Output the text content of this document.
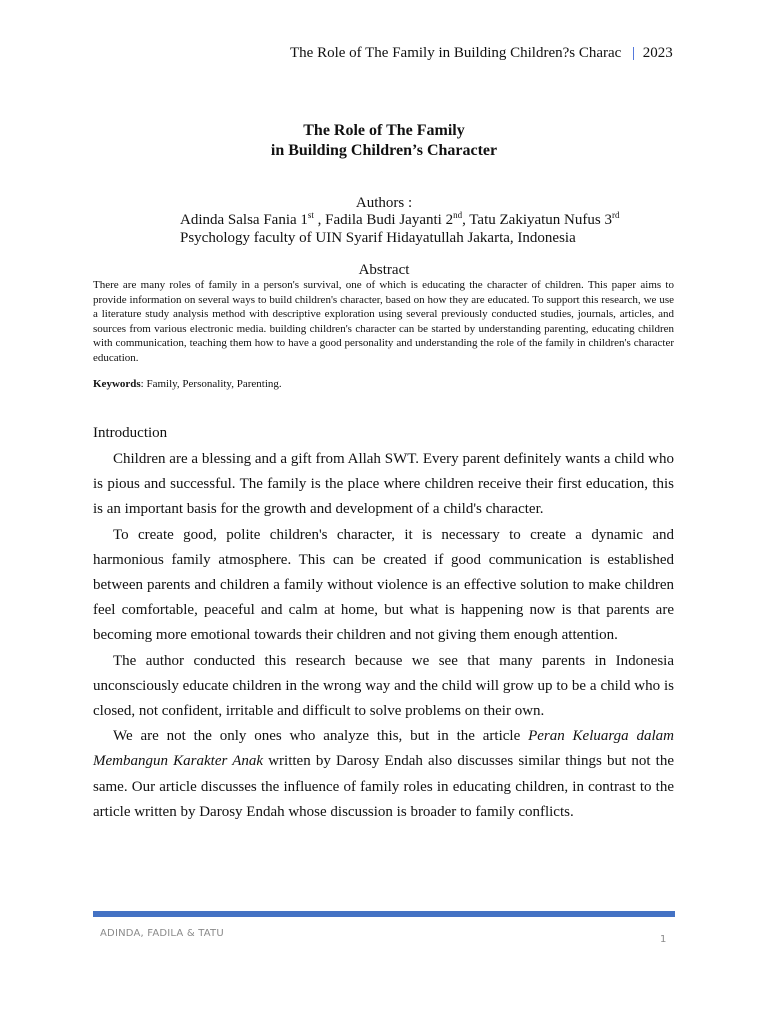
The Role of The Family in Building Children?s Charac | 2023
The Role of The Family
in Building Children’s Character
Authors :
Adinda Salsa Fania 1st , Fadila Budi Jayanti 2nd, Tatu Zakiyatun Nufus 3rd
Psychology faculty of UIN Syarif Hidayatullah Jakarta, Indonesia
Abstract

There are many roles of family in a person's survival, one of which is educating the character of children. This paper aims to provide information on several ways to build children's character, based on how they are educated. To support this research, we use a literature study analysis method with descriptive exploration using several previously conducted studies, journals, articles, and sources from various electronic media. building children's character can be started by understanding parenting, educating children with communication, teaching them how to have a good personality and understanding the role of the family in children's character education.

Keywords: Family, Personality, Parenting.
Introduction

Children are a blessing and a gift from Allah SWT. Every parent definitely wants a child who is pious and successful. The family is the place where children receive their first education, this is an important basis for the growth and development of a child's character.

To create good, polite children's character, it is necessary to create a dynamic and harmonious family atmosphere. This can be created if good communication is established between parents and children a family without violence is an effective solution to make children feel comfortable, peaceful and calm at home, but what is happening now is that parents are becoming more emotional towards their children and not giving them enough attention.

The author conducted this research because we see that many parents in Indonesia unconsciously educate children in the wrong way and the child will grow up to be a child who is closed, not confident, irritable and difficult to solve problems on their own.

We are not the only ones who analyze this, but in the article Peran Keluarga dalam Membangun Karakter Anak written by Darosy Endah also discusses similar things but not the same. Our article discusses the influence of family roles in educating children, in contrast to the article written by Darosy Endah whose discussion is broader to family conflicts.

ADINDA, FADILA & TATU
1
